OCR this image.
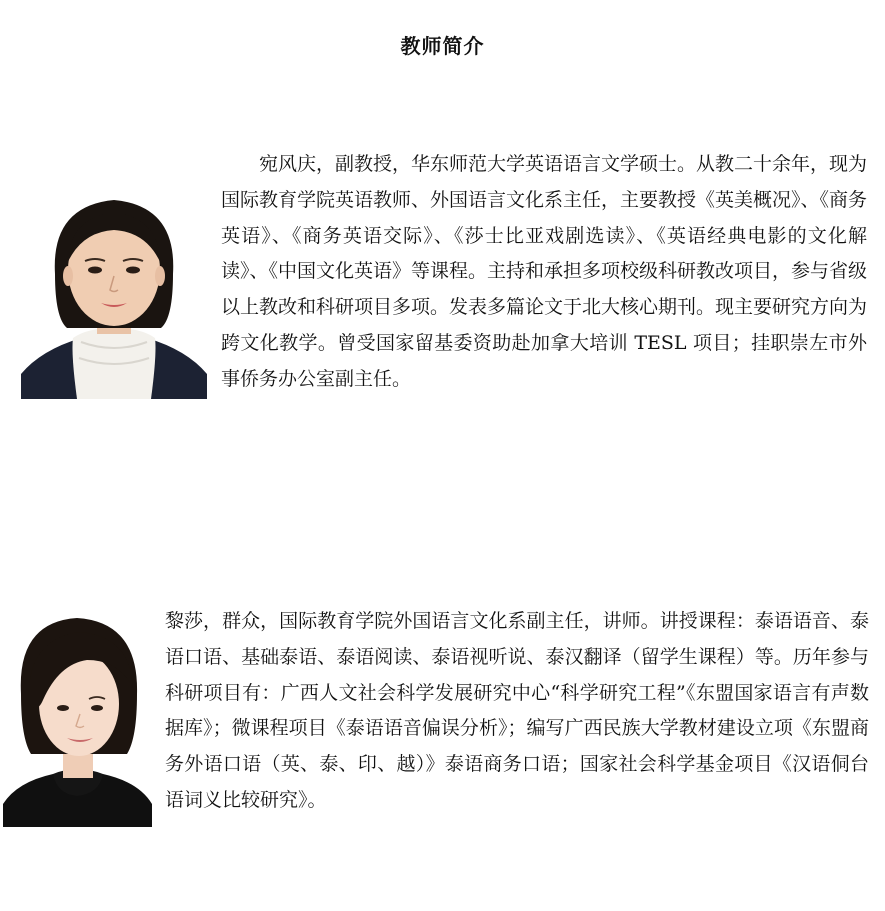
教师简介

宛风庆，副教授，华东师范大学英语语言文学硕士。从教二十余年，现为国际教育学院英语教师、外国语言文化系主任，主要教授《英美概况》、《商务英语》、《商务英语交际》、《莎士比亚戏剧选读》、《英语经典电影的文化解读》、《中国文化英语》等课程。主持和承担多项校级科研教改项目，参与省级以上教改和科研项目多项。发表多篇论文于北大核心期刊。现主要研究方向为跨文化教学。曾受国家留基委资助赴加拿大培训 TESL 项目；挂职崇左市外事侨务办公室副主任。

黎莎，群众，国际教育学院外国语言文化系副主任，讲师。讲授课程：泰语语音、泰语口语、基础泰语、泰语阅读、泰语视听说、泰汉翻译（留学生课程）等。历年参与科研项目有：广西人文社会科学发展研究中心“科学研究工程”《东盟国家语言有声数据库》；微课程项目《泰语语音偏误分析》；编写广西民族大学教材建设立项《东盟商务外语口语（英、泰、印、越）》泰语商务口语；国家社会科学基金项目《汉语侗台语词义比较研究》。
